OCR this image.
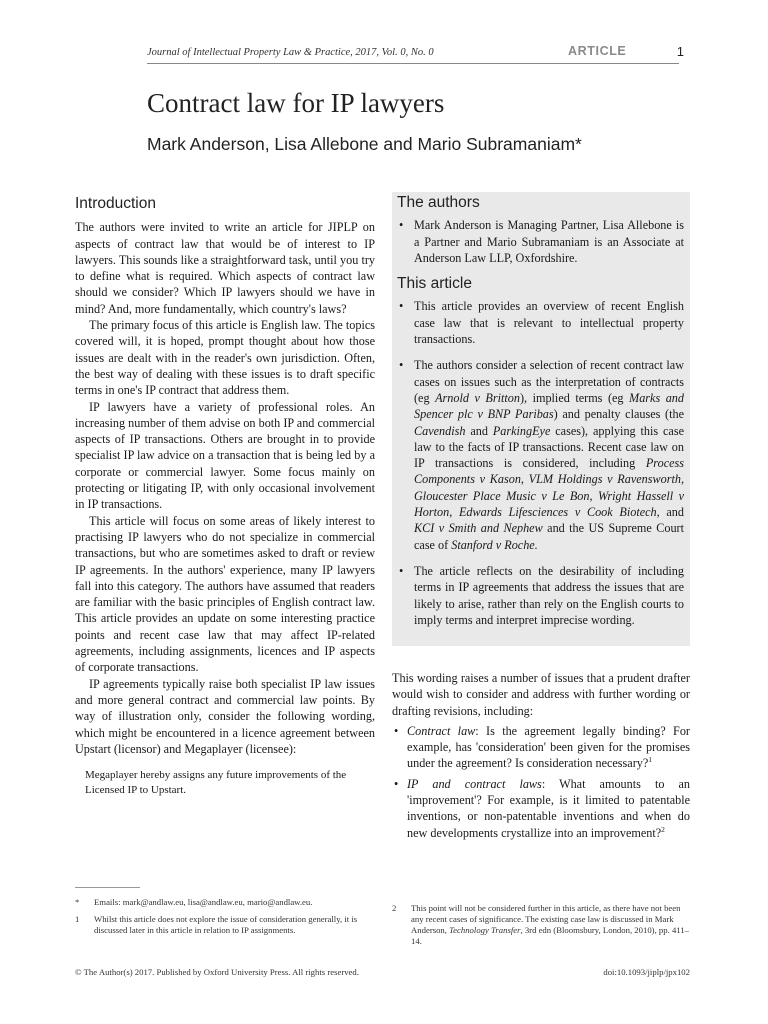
Journal of Intellectual Property Law & Practice, 2017, Vol. 0, No. 0	ARTICLE	1
Contract law for IP lawyers

Mark Anderson, Lisa Allebone and Mario Subramaniam*

Introduction

The authors were invited to write an article for JIPLP on aspects of contract law that would be of interest to IP lawyers. This sounds like a straightforward task, until you try to define what is required. Which aspects of contract law should we consider? Which IP lawyers should we have in mind? And, more fundamentally, which country's laws?

The primary focus of this article is English law. The topics covered will, it is hoped, prompt thought about how those issues are dealt with in the reader's own jurisdiction. Often, the best way of dealing with these issues is to draft specific terms in one's IP contract that address them.

IP lawyers have a variety of professional roles. An increasing number of them advise on both IP and commercial aspects of IP transactions. Others are brought in to provide specialist IP law advice on a transaction that is being led by a corporate or commercial lawyer. Some focus mainly on protecting or litigating IP, with only occasional involvement in IP transactions.

This article will focus on some areas of likely interest to practising IP lawyers who do not specialize in commercial transactions, but who are sometimes asked to draft or review IP agreements. In the authors' experience, many IP lawyers fall into this category. The authors have assumed that readers are familiar with the basic principles of English contract law. This article provides an update on some interesting practice points and recent case law that may affect IP-related agreements, including assignments, licences and IP aspects of corporate transactions.

IP agreements typically raise both specialist IP law issues and more general contract and commercial law points. By way of illustration only, consider the following wording, which might be encountered in a licence agreement between Upstart (licensor) and Megaplayer (licensee):

Megaplayer hereby assigns any future improvements of the Licensed IP to Upstart.

The authors
• Mark Anderson is Managing Partner, Lisa Allebone is a Partner and Mario Subramaniam is an Associate at Anderson Law LLP, Oxfordshire.
This article
• This article provides an overview of recent English case law that is relevant to intellectual property transactions.
• The authors consider a selection of recent contract law cases on issues such as the interpretation of contracts (eg Arnold v Britton), implied terms (eg Marks and Spencer plc v BNP Paribas) and penalty clauses (the Cavendish and ParkingEye cases), applying this case law to the facts of IP transactions. Recent case law on IP transactions is considered, including Process Components v Kason, VLM Holdings v Ravensworth, Gloucester Place Music v Le Bon, Wright Hassell v Horton, Edwards Lifesciences v Cook Biotech, and KCI v Smith and Nephew and the US Supreme Court case of Stanford v Roche.
• The article reflects on the desirability of including terms in IP agreements that address the issues that are likely to arise, rather than rely on the English courts to imply terms and interpret imprecise wording.

This wording raises a number of issues that a prudent drafter would wish to consider and address with further wording or drafting revisions, including:

• Contract law: Is the agreement legally binding? For example, has 'consideration' been given for the promises under the agreement? Is consideration necessary?$^1$
• IP and contract laws: What amounts to an 'improvement'? For example, is it limited to patentable inventions, or non-patentable inventions and when do new developments crystallize into an improvement?$^2$
*	Emails: mark@andlaw.eu, lisa@andlaw.eu, mario@andlaw.eu.
1	Whilst this article does not explore the issue of consideration generally, it is discussed later in this article in relation to IP assignments.
2	This point will not be considered further in this article, as there have not been any recent cases of significance. The existing case law is discussed in Mark Anderson, Technology Transfer, 3rd edn (Bloomsbury, London, 2010), pp. 411–14.
© The Author(s) 2017. Published by Oxford University Press. All rights reserved.	doi:10.1093/jiplp/jpx102
